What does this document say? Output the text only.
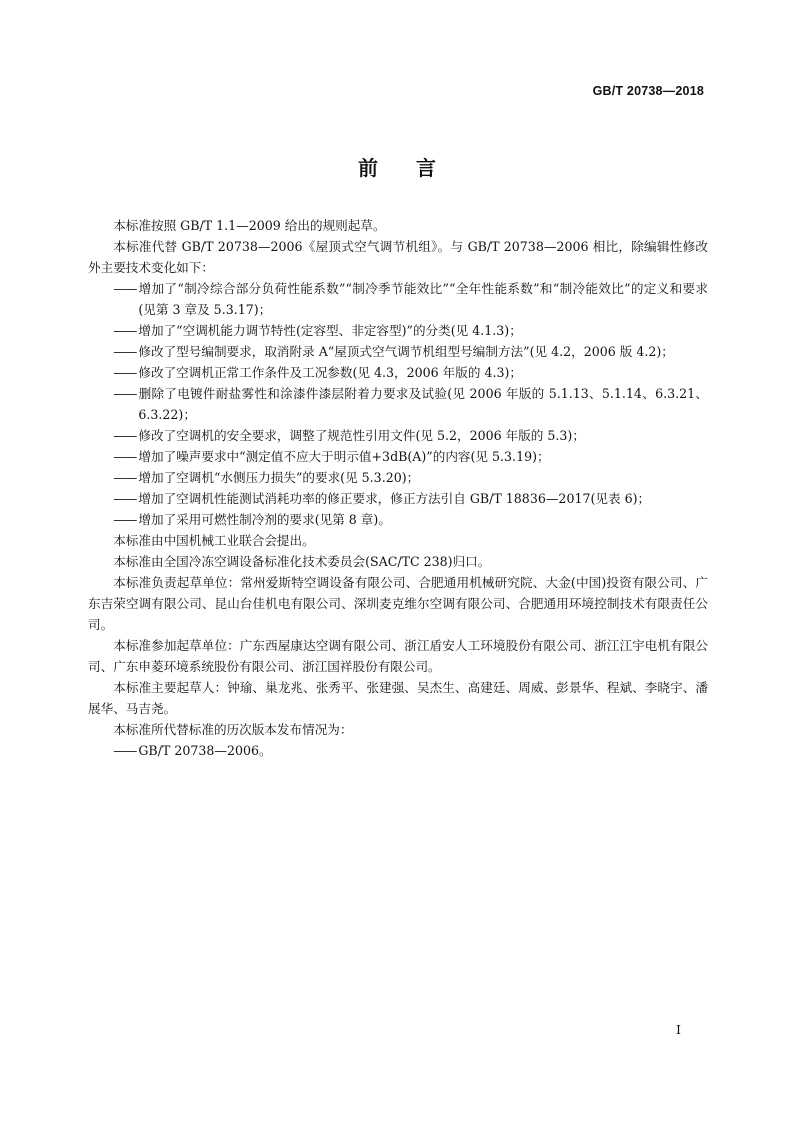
GB/T 20738—2018
前言

本标准按照 GB/T 1.1—2009 给出的规则起草。

本标准代替 GB/T 20738—2006《屋顶式空气调节机组》。与 GB/T 20738—2006 相比，除编辑性修改外主要技术变化如下：

—— 增加了“制冷综合部分负荷性能系数”“制冷季节能效比”“全年性能系数”和“制冷能效比”的定义和要求(见第 3 章及 5.3.17)；

—— 增加了“空调机能力调节特性(定容型、非定容型)”的分类(见 4.1.3)；

—— 修改了型号编制要求，取消附录 A“屋顶式空气调节机组型号编制方法”(见 4.2，2006 版 4.2)；

—— 修改了空调机正常工作条件及工况参数(见 4.3，2006 年版的 4.3)；

—— 删除了电镀件耐盐雾性和涂漆件漆层附着力要求及试验(见 2006 年版的 5.1.13、5.1.14、6.3.21、6.3.22)；

—— 修改了空调机的安全要求，调整了规范性引用文件(见 5.2，2006 年版的 5.3)；

—— 增加了噪声要求中“测定值不应大于明示值+3dB(A)”的内容(见 5.3.19)；

—— 增加了空调机“水侧压力损失”的要求(见 5.3.20)；

—— 增加了空调机性能测试消耗功率的修正要求，修正方法引自 GB/T 18836—2017(见表 6)；

—— 增加了采用可燃性制冷剂的要求(见第 8 章)。

本标准由中国机械工业联合会提出。

本标准由全国冷冻空调设备标准化技术委员会(SAC/TC 238)归口。

本标准负责起草单位：常州爱斯特空调设备有限公司、合肥通用机械研究院、大金(中国)投资有限公司、广东吉荣空调有限公司、昆山台佳机电有限公司、深圳麦克维尔空调有限公司、合肥通用环境控制技术有限责任公司。

本标准参加起草单位：广东西屋康达空调有限公司、浙江盾安人工环境股份有限公司、浙江江宇电机有限公司、广东申菱环境系统股份有限公司、浙江国祥股份有限公司。

本标准主要起草人：钟瑜、巢龙兆、张秀平、张建强、吴杰生、高建廷、周威、彭景华、程斌、李晓宇、潘展华、马吉尧。

本标准所代替标准的历次版本发布情况为：

—— GB/T 20738—2006。

I
